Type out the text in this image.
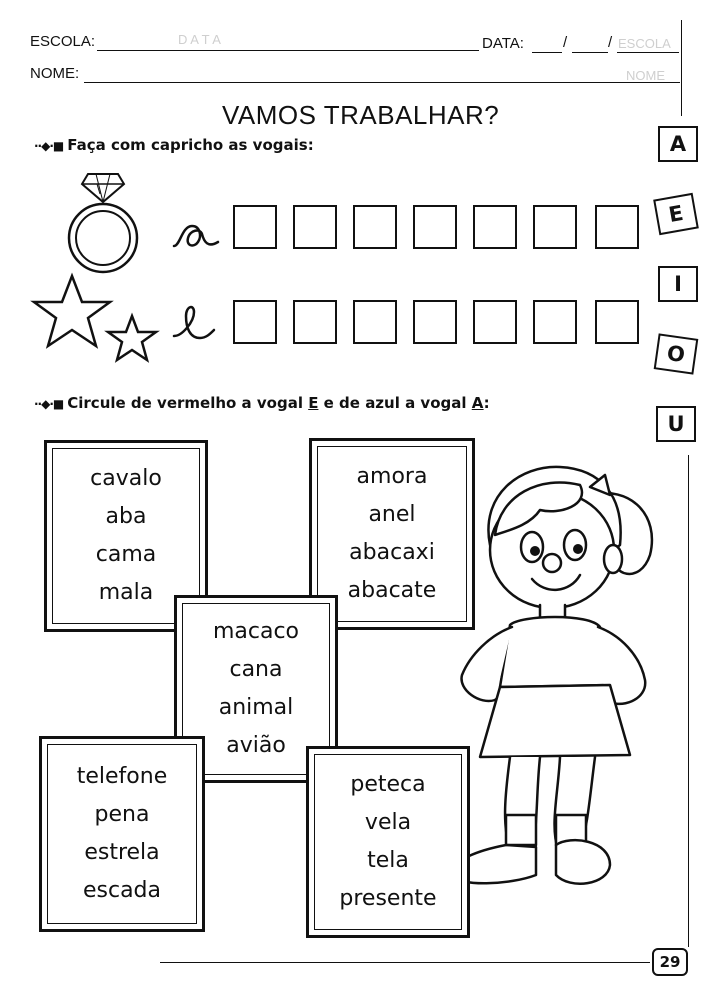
D A T A	ESCOLA
NOME
ESCOLA:	DATA:	/	/
NOME:
VAMOS TRABALHAR?
··◆·■ Faça com capricho as vogais:	A
E
I
O
U
··◆·■ Circule de vermelho a vogal E e de azul a vogal A:
cavalo
aba
cama
mala
amora
anel
abacaxi
abacate
macaco
cana
animal
avião
telefone
pena
estrela
escada
peteca
vela
tela
presente
29
